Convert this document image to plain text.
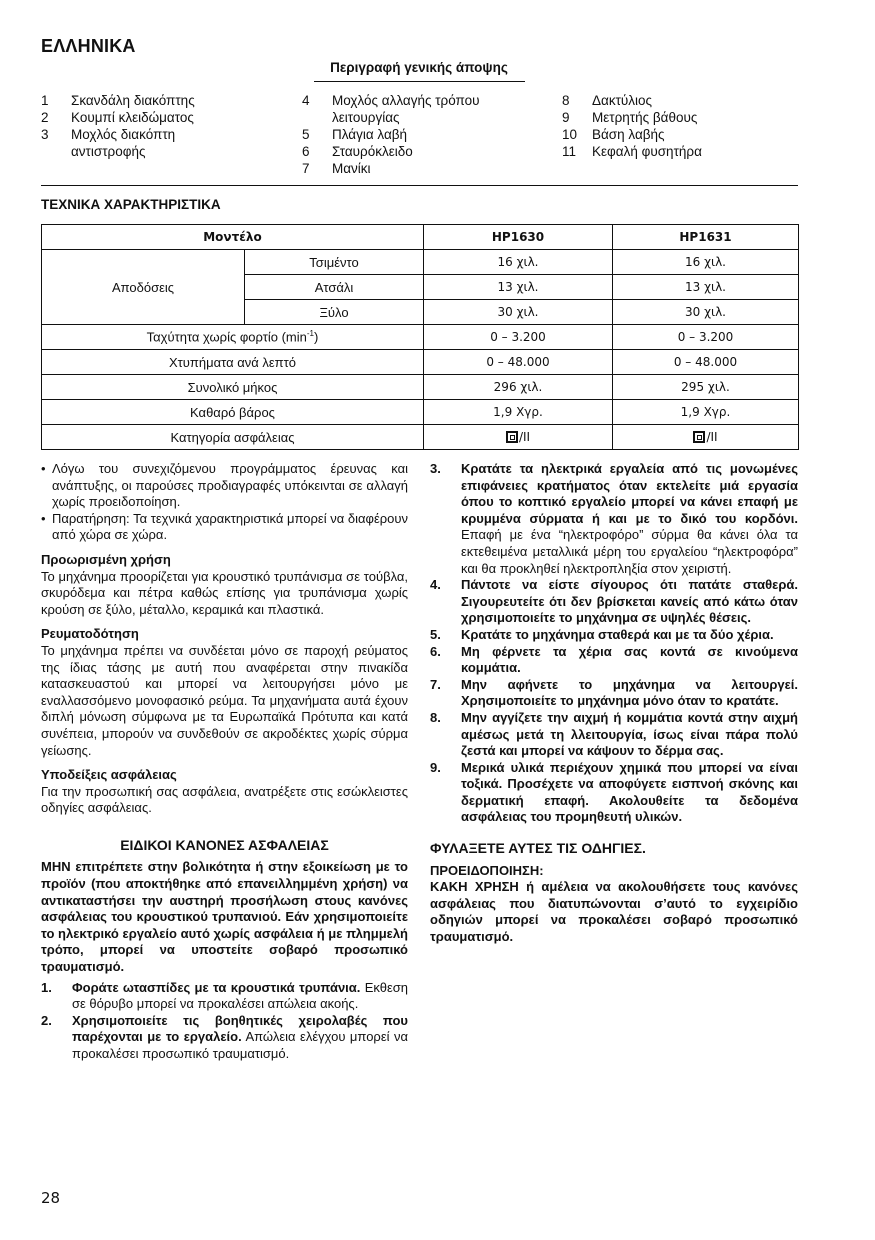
ΕΛΛΗΝΙΚΑ
Περιγραφή γενικής άποψης
1	Σκανδάλη διακόπτης
2	Κουμπί κλειδώματος
3	Μοχλός διακόπτη αντιστροφής
4	Μοχλός αλλαγής τρόπου λειτουργίας
5	Πλάγια λαβή
6	Σταυρόκλειδο
7	Μανίκι
8	Δακτύλιος
9	Μετρητής βάθους
10	Βάση λαβής
11	Κεφαλή φυσητήρα
ΤΕΧΝΙΚΑ ΧΑΡΑΚΤΗΡΙΣΤΙΚΑ
Μοντέλο		HP1630	HP1631
Αποδόσεις	Τσιμέντο	16 χιλ.	16 χιλ.
	Ατσάλι	13 χιλ.	13 χιλ.
	Ξύλο	30 χιλ.	30 χιλ.
Ταχύτητα χωρίς φορτίο $(\min^{-1})$		0 – 3.200	0 – 3.200
Χτυπήματα ανά λεπτό		0 – 48.000	0 – 48.000
Συνολικό μήκος		296 χιλ.	295 χιλ.
Καθαρό βάρος		1,9 Χγρ.	1,9 Χγρ.
Κατηγορία ασφάλειας		/II	/II
• Λόγω του συνεχιζόμενου προγράμματος έρευνας και ανάπτυξης, οι παρούσες προδιαγραφές υπόκεινται σε αλλαγή χωρίς προειδοποίηση.
• Παρατήρηση: Τα τεχνικά χαρακτηριστικά μπορεί να διαφέρουν από χώρα σε χώρα.
Προωρισμένη χρήση

Το μηχάνημα προορίζεται για κρουστικό τρυπάνισμα σε τούβλα, σκυρόδεμα και πέτρα καθώς επίσης για τρυπάνισμα χωρίς κρούση σε ξύλο, μέταλλο, κεραμικά και πλαστικά.

Ρευματοδότηση

Το μηχάνημα πρέπει να συνδέεται μόνο σε παροχή ρεύματος της ίδιας τάσης με αυτή που αναφέρεται στην πινακίδα κατασκευαστού και μπορεί να λειτουργήσει μόνο με εναλλασσόμενο μονοφασικό ρεύμα. Τα μηχανήματα αυτά έχουν διπλή μόνωση σύμφωνα με τα Ευρωπαϊκά Πρότυπα και κατά συνέπεια, μπορούν να συνδεθούν σε ακροδέκτες χωρίς σύρμα γείωσης.

Υποδείξεις ασφάλειας

Για την προσωπική σας ασφάλεια, ανατρέξετε στις εσώκλειστες οδηγίες ασφάλειας.

ΕΙΔΙΚΟΙ ΚΑΝΟΝΕΣ ΑΣΦΑΛΕΙΑΣ

ΜΗΝ επιτρέπετε στην βολικότητα ή στην εξοικείωση με το προϊόν (που αποκτήθηκε από επανειλλημμένη χρήση) να αντικαταστήσει την αυστηρή προσήλωση στους κανόνες ασφάλειας του κρουστικού τρυπανιού. Εάν χρησιμοποιείτε το ηλεκτρικό εργαλείο αυτό χωρίς ασφάλεια ή με πλημμελή τρόπο, μπορεί να υποστείτε σοβαρό προσωπικό τραυματισμό.

1.	Φοράτε ωτασπίδες με τα κρουστικά τρυπάνια. Εκθεση σε θόρυβο μπορεί να προκαλέσει απώλεια ακοής.
2.	Χρησιμοποιείτε τις βοηθητικές χειρολαβές που παρέχονται με το εργαλείο. Απώλεια ελέγχου μπορεί να προκαλέσει προσωπικό τραυματισμό.
3.	Κρατάτε τα ηλεκτρικά εργαλεία από τις μονωμένες επιφάνειες κρατήματος όταν εκτελείτε μιά εργασία όπου το κοπτικό εργαλείο μπορεί να κάνει επαφή με κρυμμένα σύρματα ή και με το δικό του κορδόνι. Επαφή με ένα “ηλεκτροφόρο” σύρμα θα κάνει όλα τα εκτεθειμένα μεταλλικά μέρη του εργαλείου “ηλεκτροφόρα” και θα προκληθεί ηλεκτροπληξία στον χειριστή.
4.	Πάντοτε να είστε σίγουρος ότι πατάτε σταθερά. Σιγουρευτείτε ότι δεν βρίσκεται κανείς από κάτω όταν χρησιμοποιείτε το μηχάνημα σε υψηλές θέσεις.
5.	Κρατάτε το μηχάνημα σταθερά και με τα δύο χέρια.
6.	Μη φέρνετε τα χέρια σας κοντά σε κινούμενα κομμάτια.
7.	Μην αφήνετε το μηχάνημα να λειτουργεί. Χρησιμοποιείτε το μηχάνημα μόνο όταν το κρατάτε.
8.	Μην αγγίζετε την αιχμή ή κομμάτια κοντά στην αιχμή αμέσως μετά τη λλειτουργία, ίσως είναι πάρα πολύ ζεστά και μπορεί να κάψουν το δέρμα σας.
9.	Μερικά υλικά περιέχουν χημικά που μπορεί να είναι τοξικά. Προσέχετε να αποφύγετε εισπνοή σκόνης και δερματική επαφή. Ακολουθείτε τα δεδομένα ασφάλειας του προμηθευτή υλικών.
ΦΥΛΑΞΕΤΕ ΑΥΤΕΣ ΤΙΣ ΟΔΗΓΙΕΣ.
ΠΡΟΕΙΔΟΠΟΙΗΣΗ:

ΚΑΚΗ ΧΡΗΣΗ ή αμέλεια να ακολουθήσετε τους κανόνες ασφάλειας που διατυπώνονται σ’αυτό το εγχειρίδιο οδηγιών μπορεί να προκαλέσει σοβαρό προσωπικό τραυματισμό.

28
